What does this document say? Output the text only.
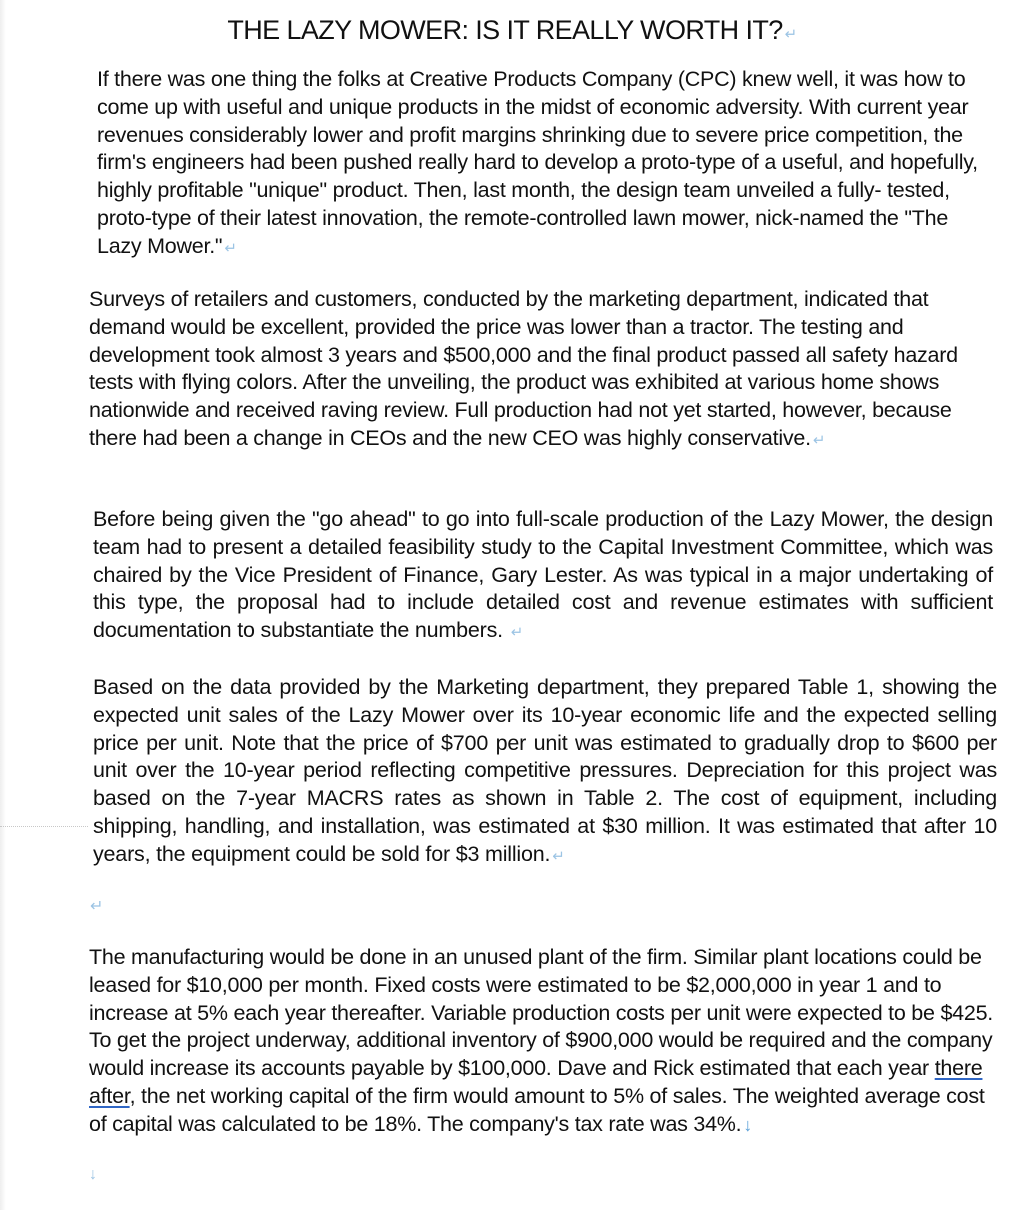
THE LAZY MOWER: IS IT REALLY WORTH IT? ↵

If there was one thing the folks at Creative Products Company (CPC) knew well, it was how to come up with useful and unique products in the midst of economic adversity. With current year revenues considerably lower and profit margins shrinking due to severe price competition, the firm's engineers had been pushed really hard to develop a proto-type of a useful, and hopefully, highly profitable "unique" product. Then, last month, the design team unveiled a fully- tested, proto-type of their latest innovation, the remote-controlled lawn mower, nick-named the "The Lazy Mower." ↵

Surveys of retailers and customers, conducted by the marketing department, indicated that demand would be excellent, provided the price was lower than a tractor. The testing and development took almost 3 years and $500,000 and the final product passed all safety hazard tests with flying colors. After the unveiling, the product was exhibited at various home shows nationwide and received raving review. Full production had not yet started, however, because there had been a change in CEOs and the new CEO was highly conservative. ↵

Before being given the "go ahead" to go into full-scale production of the Lazy Mower, the design team had to present a detailed feasibility study to the Capital Investment Committee, which was chaired by the Vice President of Finance, Gary Lester. As was typical in a major undertaking of this type, the proposal had to include detailed cost and revenue estimates with sufficient documentation to substantiate the numbers. ↵

Based on the data provided by the Marketing department, they prepared Table 1, showing the expected unit sales of the Lazy Mower over its 10-year economic life and the expected selling price per unit. Note that the price of $700 per unit was estimated to gradually drop to $600 per unit over the 10-year period reflecting competitive pressures. Depreciation for this project was based on the 7-year MACRS rates as shown in Table 2. The cost of equipment, including shipping, handling, and installation, was estimated at $30 million. It was estimated that after 10 years, the equipment could be sold for $3 million. ↵

↵

The manufacturing would be done in an unused plant of the firm. Similar plant locations could be leased for $10,000 per month. Fixed costs were estimated to be $2,000,000 in year 1 and to increase at 5% each year thereafter. Variable production costs per unit were expected to be $425. To get the project underway, additional inventory of $900,000 would be required and the company would increase its accounts payable by $100,000. Dave and Rick estimated that each year there after, the net working capital of the firm would amount to 5% of sales. The weighted average cost of capital was calculated to be 18%. The company's tax rate was 34%. ↓

↓
